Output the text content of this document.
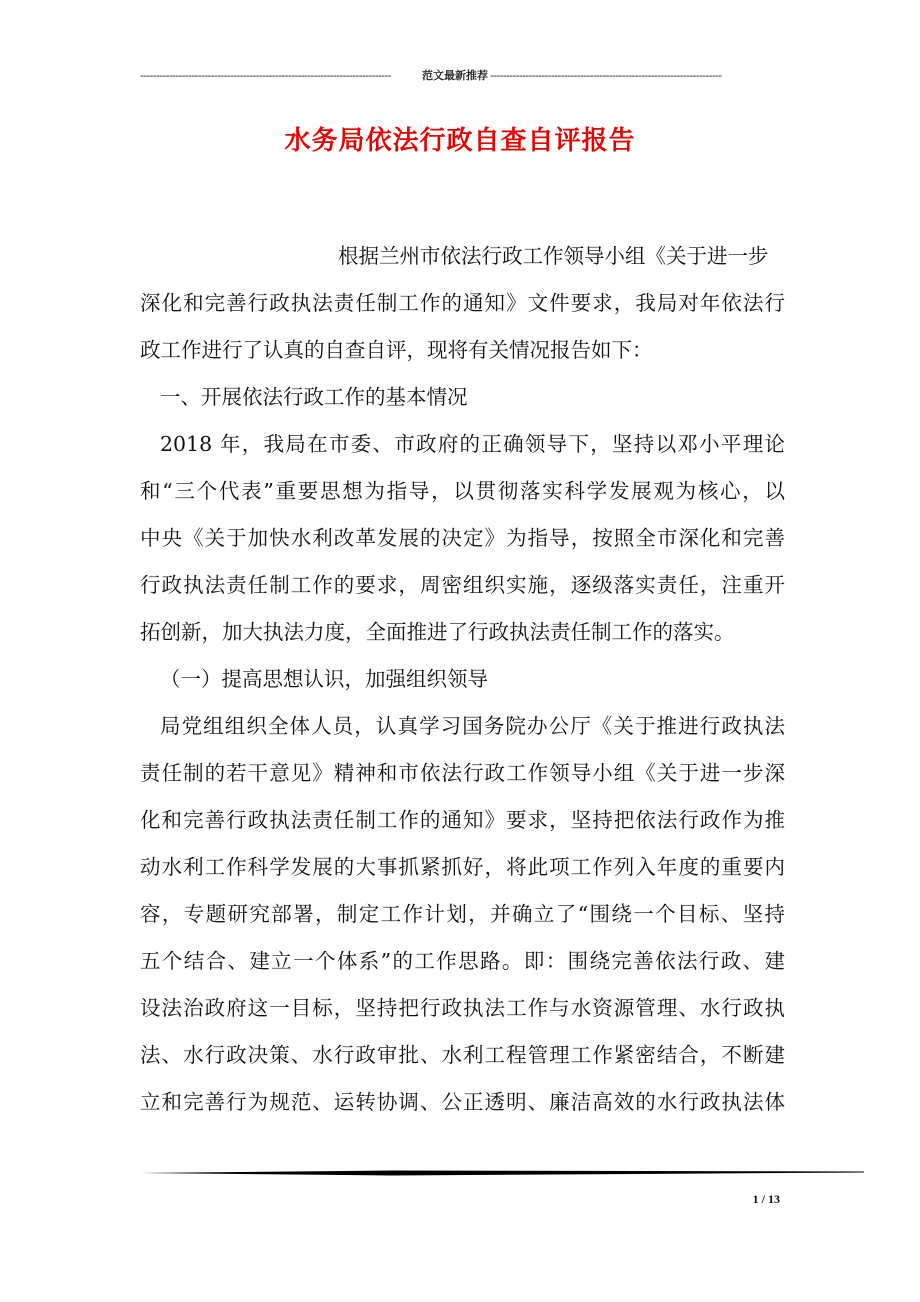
------------------------------------------------------------------------------	范文最新推荐 ------------------------------------------------------------------------
水务局依法行政自查自评报告
根据兰州市依法行政工作领导小组《关于进一步
深化和完善行政执法责任制工作的通知》文件要求，我局对年依法行
政工作进行了认真的自查自评，现将有关情况报告如下：
一、开展依法行政工作的基本情况
2018 年，我局在市委、市政府的正确领导下，坚持以邓小平理论
和“三个代表”重要思想为指导，以贯彻落实科学发展观为核心，以
中央《关于加快水利改革发展的决定》为指导，按照全市深化和完善
行政执法责任制工作的要求，周密组织实施，逐级落实责任，注重开
拓创新，加大执法力度，全面推进了行政执法责任制工作的落实。
（一）提高思想认识，加强组织领导
局党组组织全体人员，认真学习国务院办公厅《关于推进行政执法
责任制的若干意见》精神和市依法行政工作领导小组《关于进一步深
化和完善行政执法责任制工作的通知》要求，坚持把依法行政作为推
动水利工作科学发展的大事抓紧抓好，将此项工作列入年度的重要内
容，专题研究部署，制定工作计划，并确立了“围绕一个目标、坚持
五个结合、建立一个体系”的工作思路。即：围绕完善依法行政、建
设法治政府这一目标，坚持把行政执法工作与水资源管理、水行政执
法、水行政决策、水行政审批、水利工程管理工作紧密结合，不断建
立和完善行为规范、运转协调、公正透明、廉洁高效的水行政执法体
1 / 13
